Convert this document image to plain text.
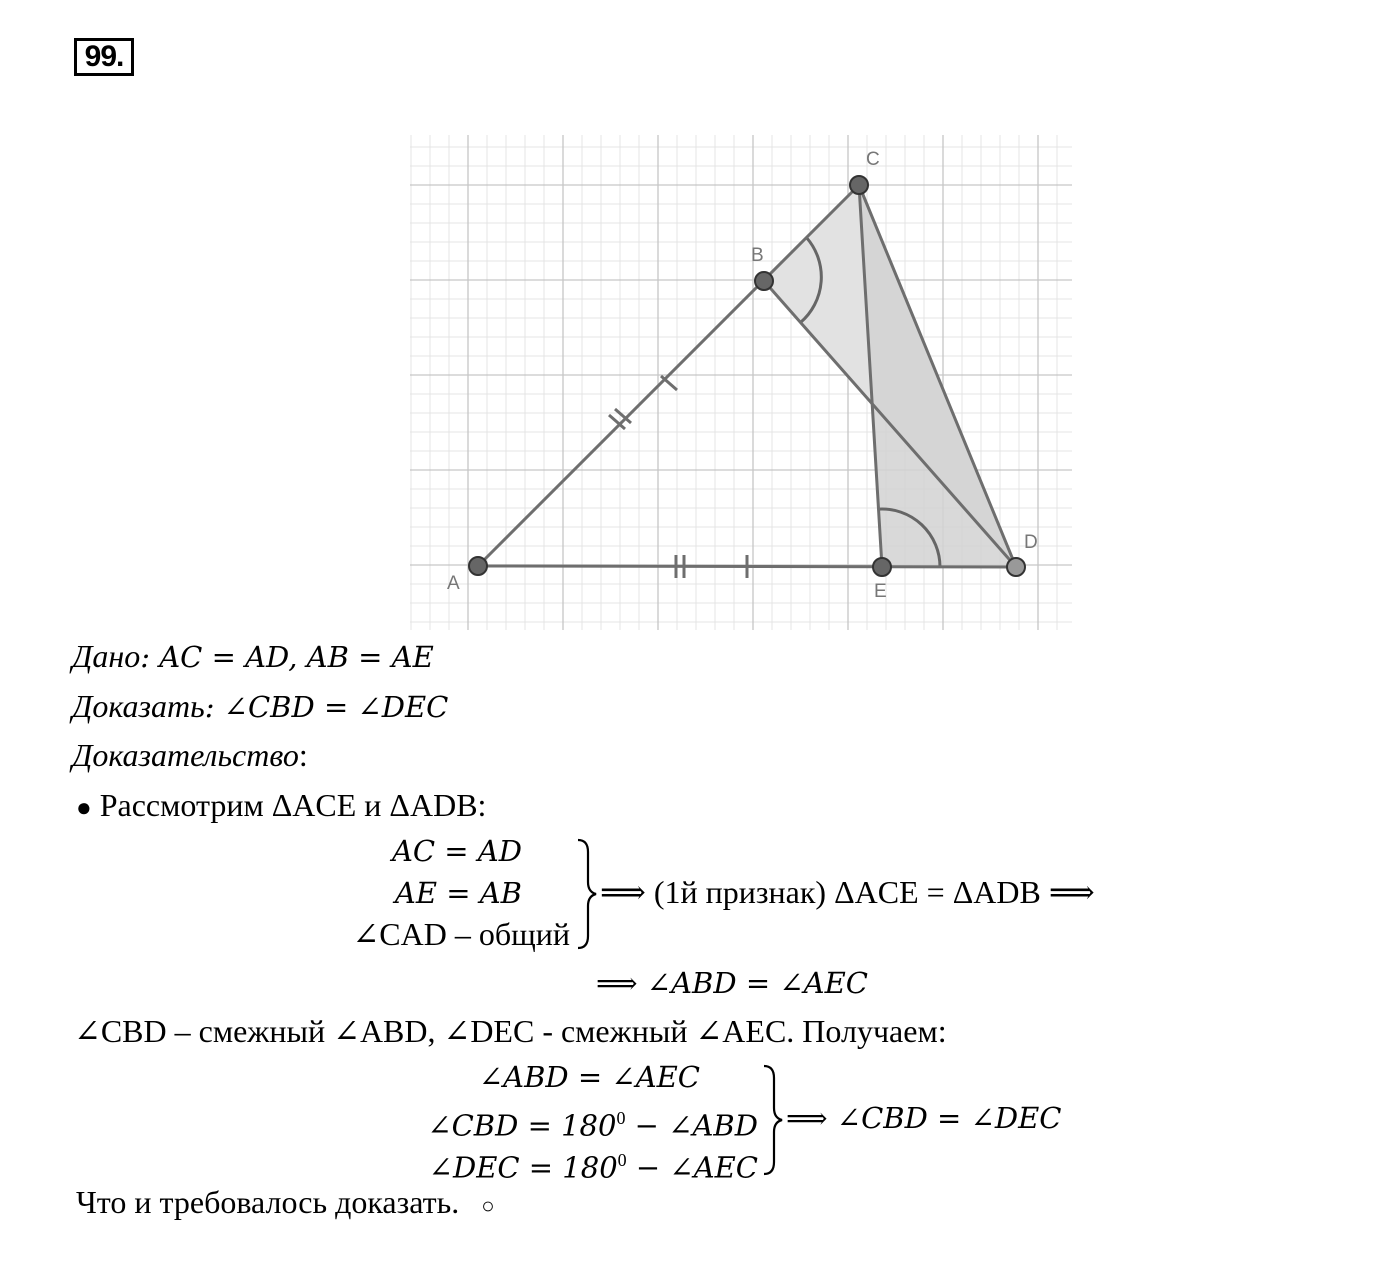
99.
A
B
C
D
E
Дано: AC = AD, AB = AE
Доказать: ∠CBD = ∠DEC
Доказательство:
● Рассмотрим ΔACE и ΔADB:
AC = AD
AE = AB
∠CAD – общий
⟹ (1й признак) ΔACE = ΔADB ⟹
⟹ ∠ABD = ∠AEC
∠CBD – смежный ∠ABD, ∠DEC - смежный ∠AEC. Получаем:
∠ABD = ∠AEC
∠CBD = $180^0$ − ∠ABD
∠DEC = $180^0$ − ∠AEC
⟹ ∠CBD = ∠DEC
Что и требовалось доказать. ○
